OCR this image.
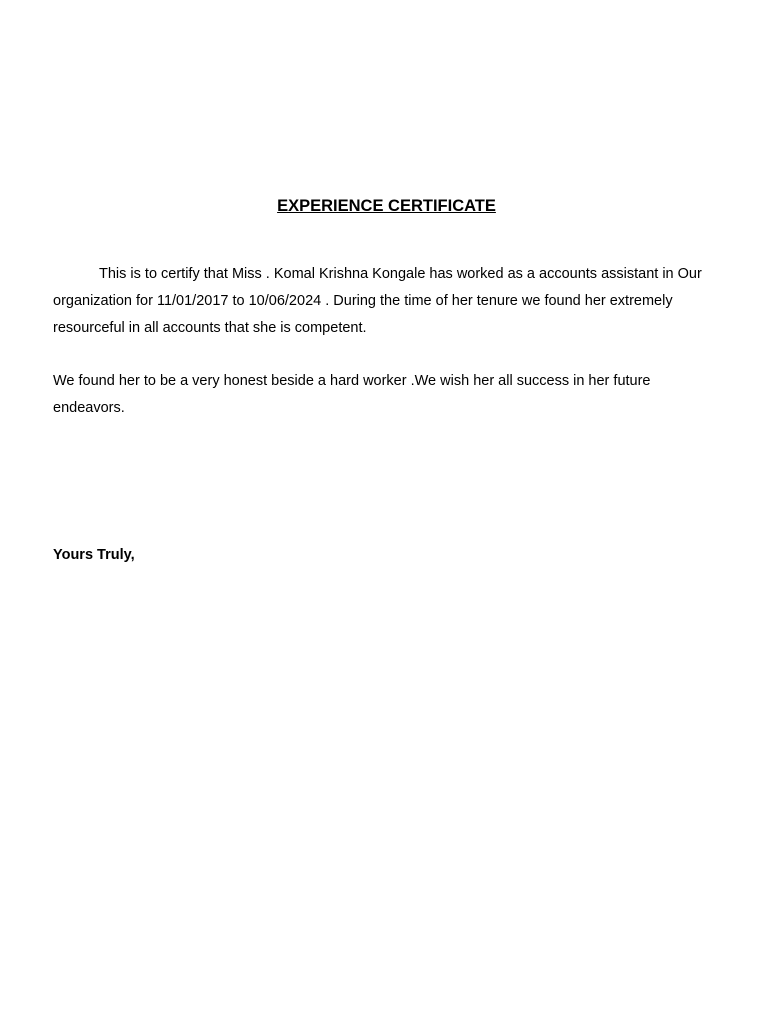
EXPERIENCE CERTIFICATE

This is to certify that Miss . Komal Krishna Kongale has worked as a accounts assistant in Our organization for 11/01/2017 to 10/06/2024 . During the time of her tenure we found her extremely resourceful in all accounts that she is competent.

We found her to be a very honest beside a hard worker .We wish her all success in her future endeavors.

Yours Truly,
